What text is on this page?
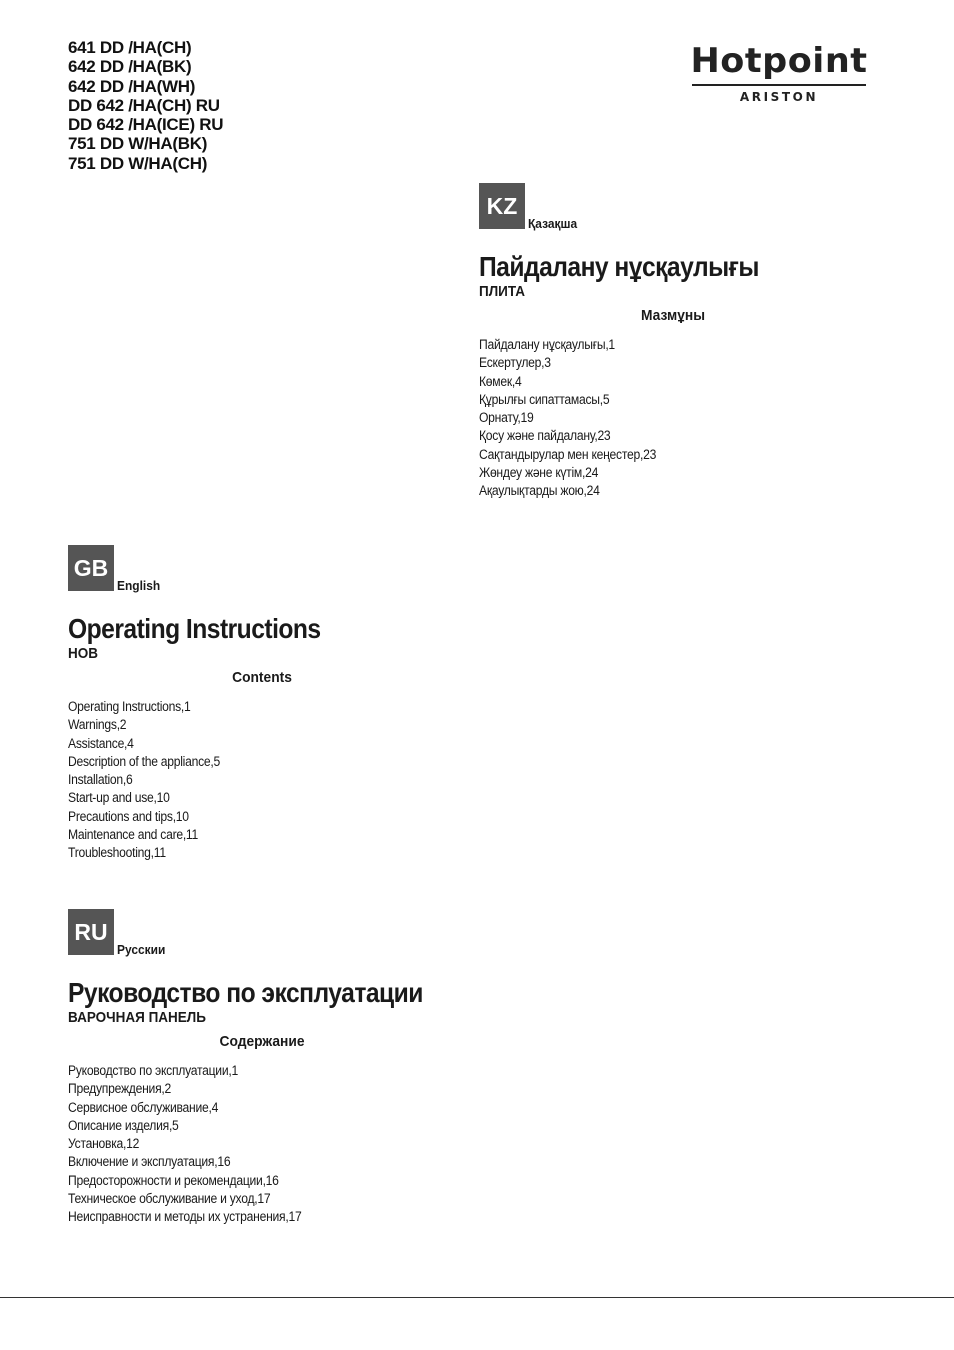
641 DD /HA(CH)
642 DD /HA(BK)
642 DD /HA(WH)
DD 642 /HA(CH) RU
DD 642 /HA(ICE) RU
751 DD W/HA(BK)
751 DD W/HA(CH)
Hotpoint
ARISTON
KZ
Қазақша
Пайдалану нұсқаулығы
ПЛИТА
Мазмұны
Пайдалану нұсқаулығы,1
Ескертулер,3
Көмек,4
Құрылғы сипаттамасы,5
Орнату,19
Қосу және пайдалану,23
Сақтандырулар мен кеңестер,23
Жөндеу және күтім,24
Ақаулықтарды жою,24
GB
English
Operating Instructions
HOB
Contents
Operating Instructions,1
Warnings,2
Assistance,4
Description of the appliance,5
Installation,6
Start-up and use,10
Precautions and tips,10
Maintenance and care,11
Troubleshooting,11
RU
Русскии
Руководство по эксплуатации
ВАРОЧНАЯ ПАНЕЛЬ
Содержание
Руководство по эксплуатации,1
Предупреждения,2
Сервисное обслуживание,4
Описание изделия,5
Установка,12
Включение и эксплуатация,16
Предосторожности и рекомендации,16
Техническое обслуживание и уход,17
Неисправности и методы их устранения,17
